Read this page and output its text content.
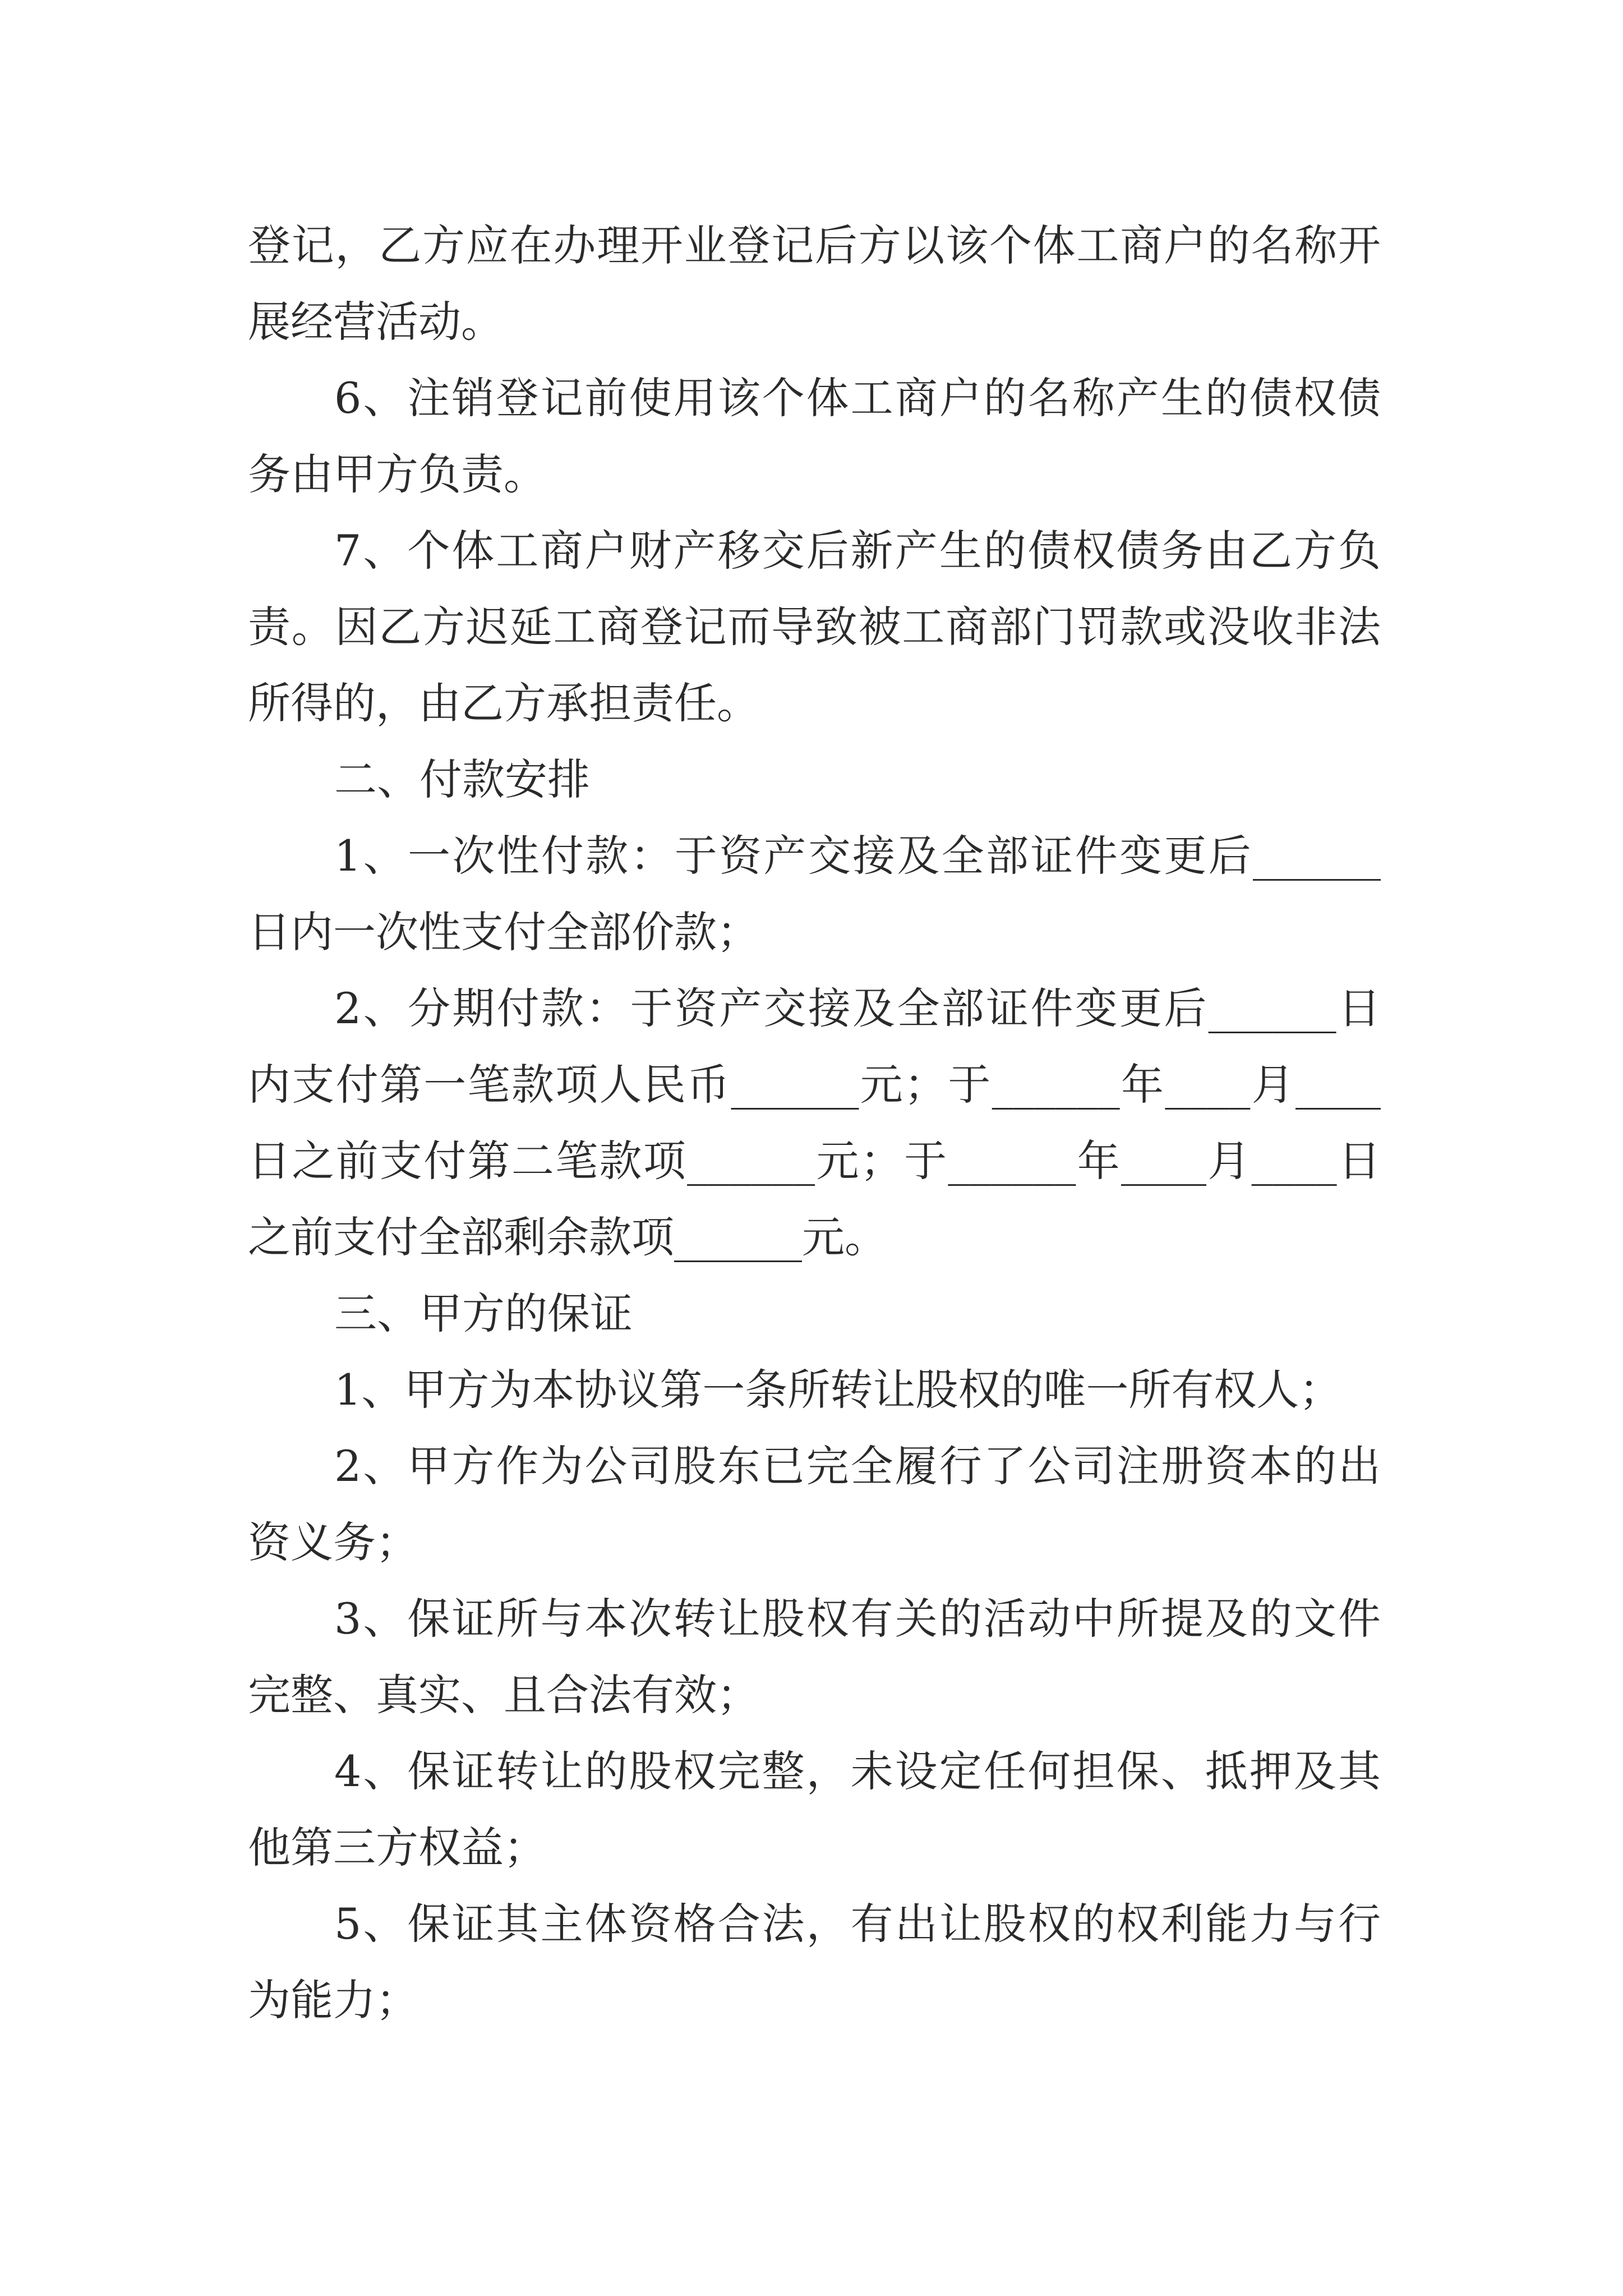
登记，乙方应在办理开业登记后方以该个体工商户的名称开
展经营活动。
6、注销登记前使用该个体工商户的名称产生的债权债
务由甲方负责。
7、个体工商户财产移交后新产生的债权债务由乙方负
责。因乙方迟延工商登记而导致被工商部门罚款或没收非法
所得的，由乙方承担责任。
二、付款安排
1、一次性付款：于资产交接及全部证件变更后______
日内一次性支付全部价款；
2、分期付款：于资产交接及全部证件变更后______日
内支付第一笔款项人民币______元；于______年____月____
日之前支付第二笔款项______元；于______年____月____日
之前支付全部剩余款项______元。
三、甲方的保证
1、甲方为本协议第一条所转让股权的唯一所有权人；
2、甲方作为公司股东已完全履行了公司注册资本的出
资义务；
3、保证所与本次转让股权有关的活动中所提及的文件
完整、真实、且合法有效；
4、保证转让的股权完整，未设定任何担保、抵押及其
他第三方权益；
5、保证其主体资格合法，有出让股权的权利能力与行
为能力；
